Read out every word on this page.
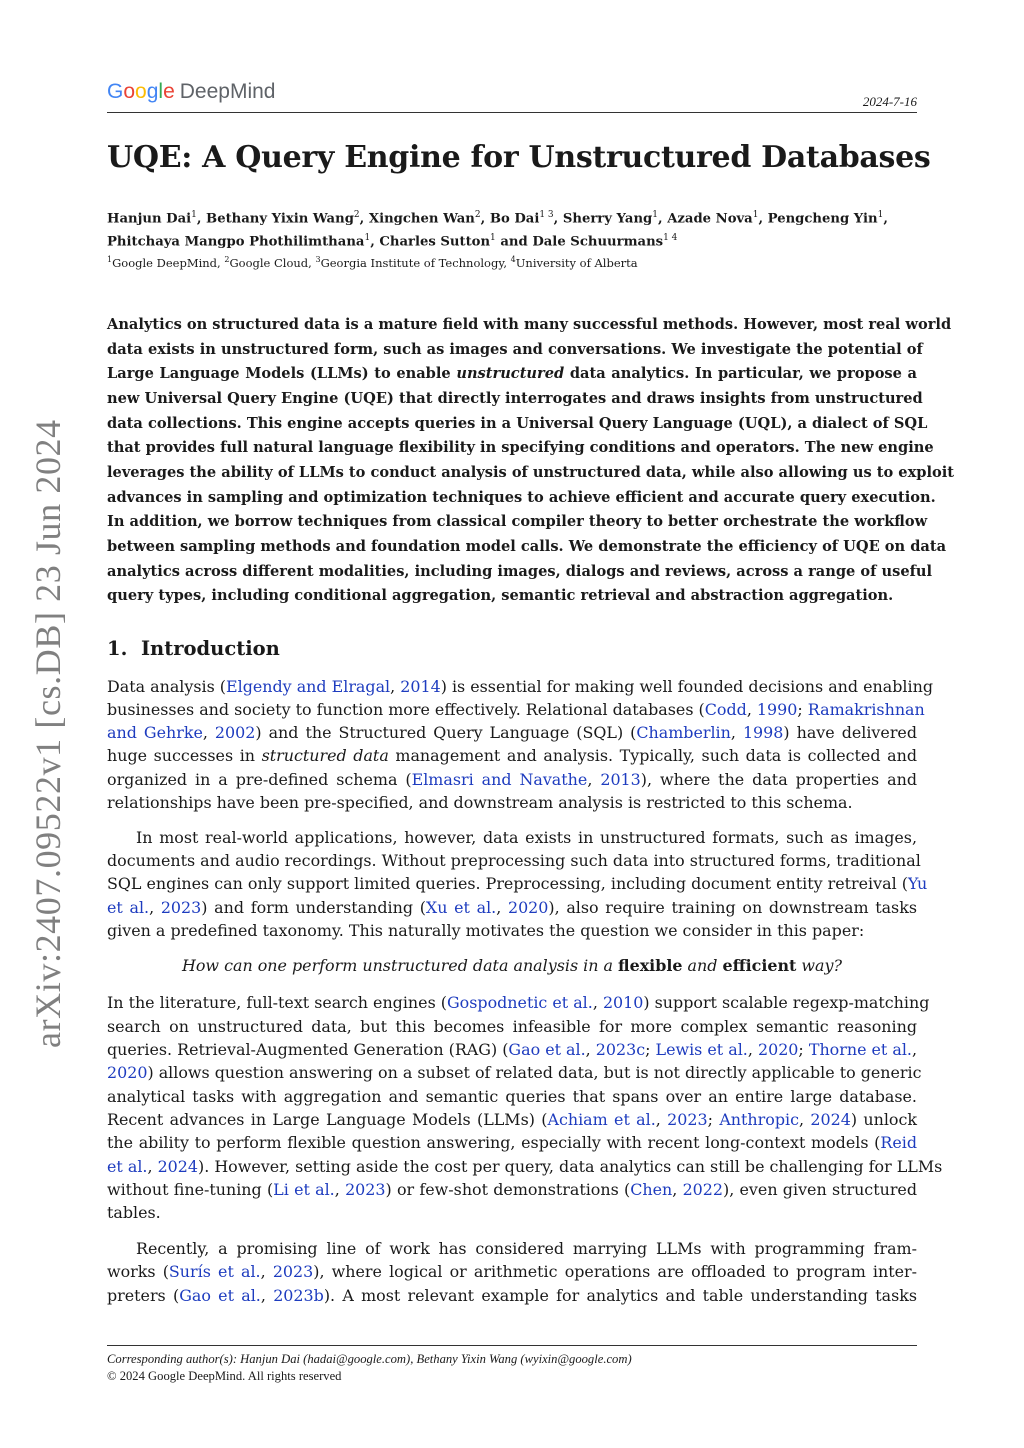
Google DeepMind	2024-7-16
UQE: A Query Engine for Unstructured Databases
Hanjun Dai$^1$, Bethany Yixin Wang$^2$, Xingchen Wan$^2$, Bo Dai$^{1 3}$, Sherry Yang$^1$, Azade Nova$^1$, Pengcheng Yin$^1$,
Phitchaya Mangpo Phothilimthana$^1$, Charles Sutton$^1$ and Dale Schuurmans$^{1 4}$
$^1$Google DeepMind, $^2$Google Cloud, $^3$Georgia Institute of Technology, $^4$University of Alberta
arXiv:2407.09522v1 [cs.DB] 23 Jun 2024
Analytics on structured data is a mature field with many successful methods. However, most real world
data exists in unstructured form, such as images and conversations. We investigate the potential of
Large Language Models (LLMs) to enable unstructured data analytics. In particular, we propose a
new Universal Query Engine (UQE) that directly interrogates and draws insights from unstructured
data collections. This engine accepts queries in a Universal Query Language (UQL), a dialect of SQL
that provides full natural language flexibility in specifying conditions and operators. The new engine
leverages the ability of LLMs to conduct analysis of unstructured data, while also allowing us to exploit
advances in sampling and optimization techniques to achieve efficient and accurate query execution.
In addition, we borrow techniques from classical compiler theory to better orchestrate the workflow
between sampling methods and foundation model calls. We demonstrate the efficiency of UQE on data
analytics across different modalities, including images, dialogs and reviews, across a range of useful
query types, including conditional aggregation, semantic retrieval and abstraction aggregation.
1. Introduction
Data analysis (Elgendy and Elragal, 2014) is essential for making well founded decisions and enabling
businesses and society to function more effectively. Relational databases (Codd, 1990; Ramakrishnan
and Gehrke, 2002) and the Structured Query Language (SQL) (Chamberlin, 1998) have delivered
huge successes in structured data management and analysis. Typically, such data is collected and
organized in a pre-defined schema (Elmasri and Navathe, 2013), where the data properties and
relationships have been pre-specified, and downstream analysis is restricted to this schema.
In most real-world applications, however, data exists in unstructured formats, such as images,
documents and audio recordings. Without preprocessing such data into structured forms, traditional
SQL engines can only support limited queries. Preprocessing, including document entity retreival (Yu
et al., 2023) and form understanding (Xu et al., 2020), also require training on downstream tasks
given a predefined taxonomy. This naturally motivates the question we consider in this paper:
How can one perform unstructured data analysis in a flexible and efficient way?
In the literature, full-text search engines (Gospodnetic et al., 2010) support scalable regexp-matching
search on unstructured data, but this becomes infeasible for more complex semantic reasoning
queries. Retrieval-Augmented Generation (RAG) (Gao et al., 2023c; Lewis et al., 2020; Thorne et al.,
2020) allows question answering on a subset of related data, but is not directly applicable to generic
analytical tasks with aggregation and semantic queries that spans over an entire large database.
Recent advances in Large Language Models (LLMs) (Achiam et al., 2023; Anthropic, 2024) unlock
the ability to perform flexible question answering, especially with recent long-context models (Reid
et al., 2024). However, setting aside the cost per query, data analytics can still be challenging for LLMs
without fine-tuning (Li et al., 2023) or few-shot demonstrations (Chen, 2022), even given structured
tables.
Recently, a promising line of work has considered marrying LLMs with programming fram-
works (Surís et al., 2023), where logical or arithmetic operations are offloaded to program inter-
preters (Gao et al., 2023b). A most relevant example for analytics and table understanding tasks
Corresponding author(s): Hanjun Dai (hadai@google.com), Bethany Yixin Wang (wyixin@google.com)
© 2024 Google DeepMind. All rights reserved
